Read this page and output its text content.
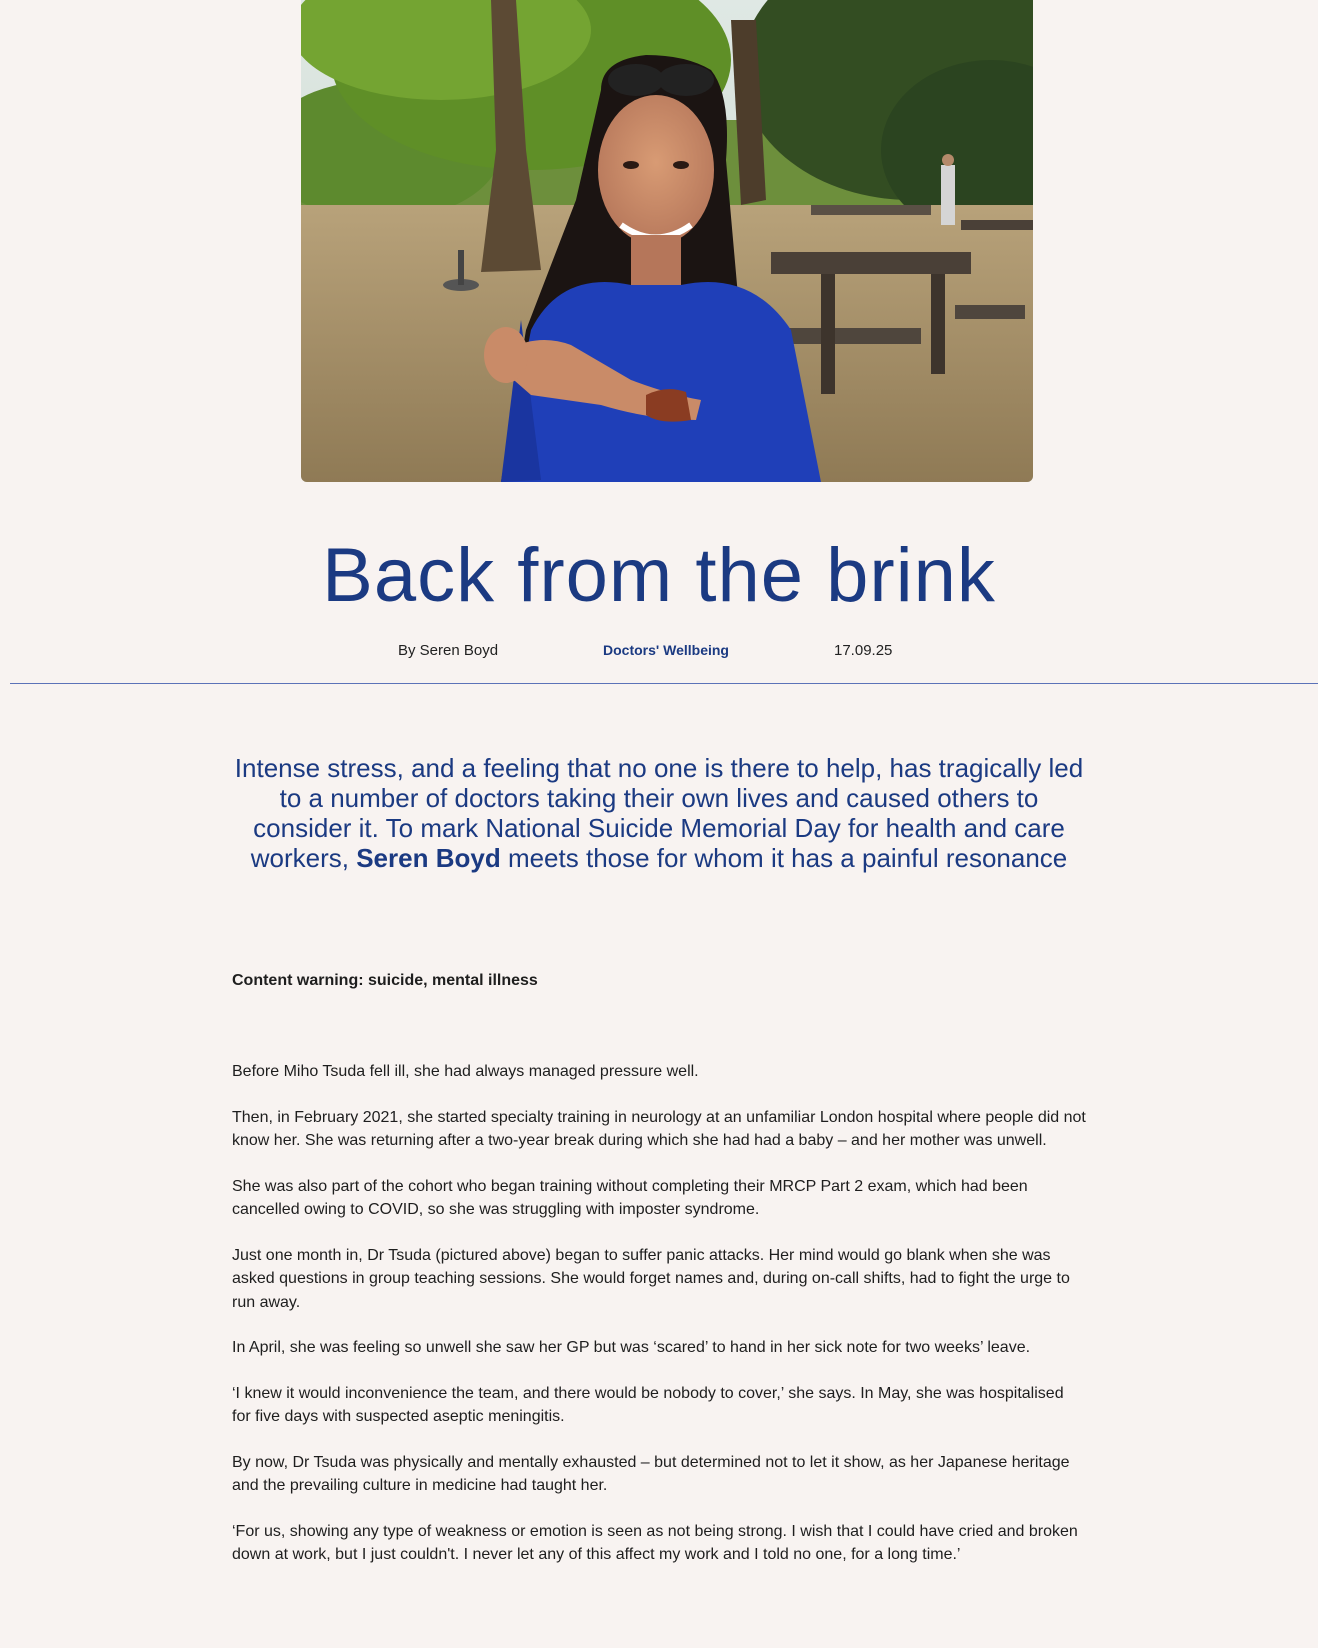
Back from the brink
By Seren Boyd	Doctors' Wellbeing	17.09.25

Intense stress, and a feeling that no one is there to help, has tragically led to a number of doctors taking their own lives and caused others to consider it. To mark National Suicide Memorial Day for health and care workers, Seren Boyd meets those for whom it has a painful resonance

Content warning: suicide, mental illness

Before Miho Tsuda fell ill, she had always managed pressure well.

Then, in February 2021, she started specialty training in neurology at an unfamiliar London hospital where people did not know her. She was returning after a two-year break during which she had had a baby – and her mother was unwell.

She was also part of the cohort who began training without completing their MRCP Part 2 exam, which had been cancelled owing to COVID, so she was struggling with imposter syndrome.

Just one month in, Dr Tsuda (pictured above) began to suffer panic attacks. Her mind would go blank when she was asked questions in group teaching sessions. She would forget names and, during on-call shifts, had to fight the urge to run away.

In April, she was feeling so unwell she saw her GP but was ‘scared’ to hand in her sick note for two weeks’ leave.

‘I knew it would inconvenience the team, and there would be nobody to cover,’ she says. In May, she was hospitalised for five days with suspected aseptic meningitis.

By now, Dr Tsuda was physically and mentally exhausted – but determined not to let it show, as her Japanese heritage and the prevailing culture in medicine had taught her.

‘For us, showing any type of weakness or emotion is seen as not being strong. I wish that I could have cried and broken down at work, but I just couldn't. I never let any of this affect my work and I told no one, for a long time.’
